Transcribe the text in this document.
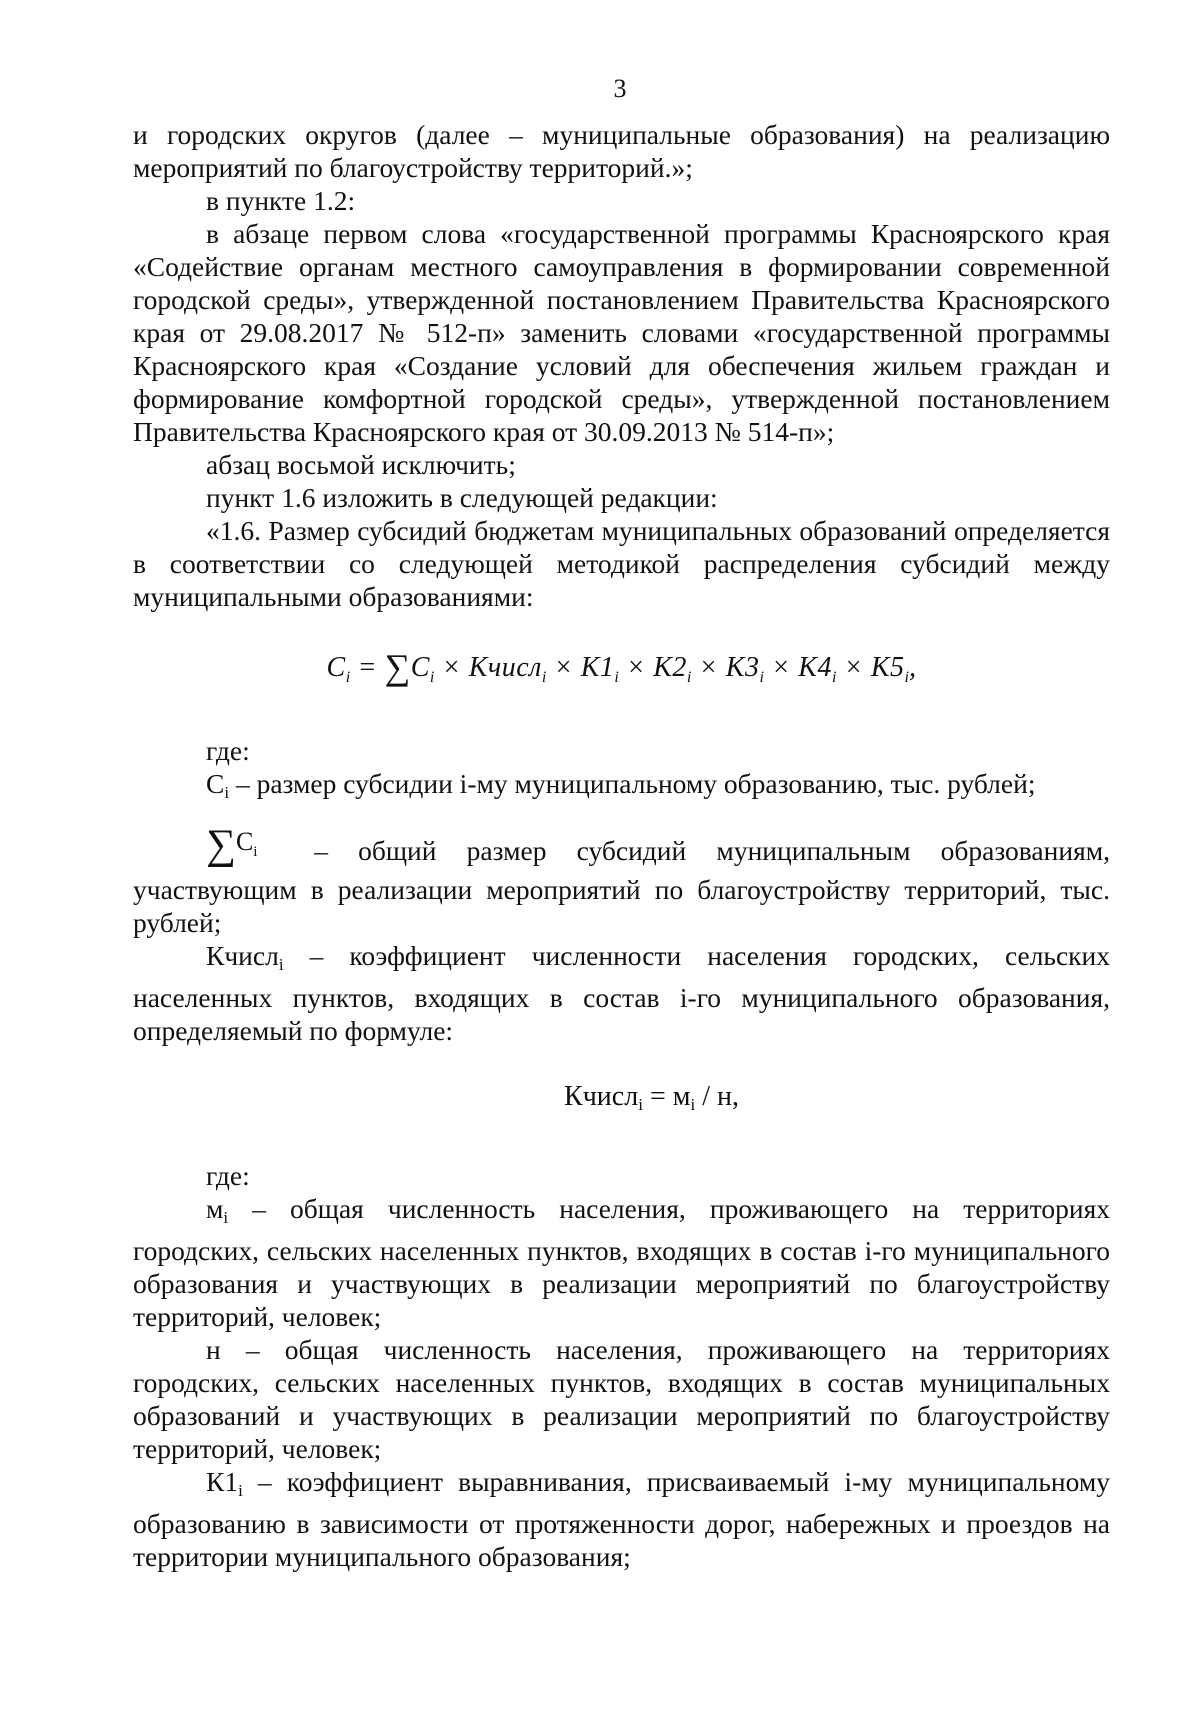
3

и городских округов (далее – муниципальные образования) на реализацию мероприятий по благоустройству территорий.»;

в пункте 1.2:

в абзаце первом слова «государственной программы Красноярского края «Содействие органам местного самоуправления в формировании современной городской среды», утвержденной постановлением Правительства Красноярского края от 29.08.2017 № 512-п» заменить словами «государственной программы Красноярского края «Создание условий для обеспечения жильем граждан и формирование комфортной городской среды», утвержденной постановлением Правительства Красноярского края от 30.09.2013 № 514-п»;

абзац восьмой исключить;

пункт 1.6 изложить в следующей редакции:

«1.6. Размер субсидий бюджетам муниципальных образований определяется в соответствии со следующей методикой распределения субсидий между муниципальными образованиями:

$C_i = \sum C_i$ × Кчисл$_i$ × $K1_i \times K2_i \times K3_i \times K4_i \times K5_i$,

где:

Ci – размер субсидии i-му муниципальному образованию, тыс. рублей;

∑Ci – общий размер субсидий муниципальным образованиям, участвующим в реализации мероприятий по благоустройству территорий, тыс. рублей;

Кчислi – коэффициент численности населения городских, сельских населенных пунктов, входящих в состав i-го муниципального образования, определяемый по формуле:

Кчислi = мi / н,

где:

мi – общая численность населения, проживающего на территориях городских, сельских населенных пунктов, входящих в состав i-го муниципального образования и участвующих в реализации мероприятий по благоустройству территорий, человек;

н – общая численность населения, проживающего на территориях городских, сельских населенных пунктов, входящих в состав муниципальных образований и участвующих в реализации мероприятий по благоустройству территорий, человек;

К1i – коэффициент выравнивания, присваиваемый i-му муниципальному образованию в зависимости от протяженности дорог, набережных и проездов на территории муниципального образования;
